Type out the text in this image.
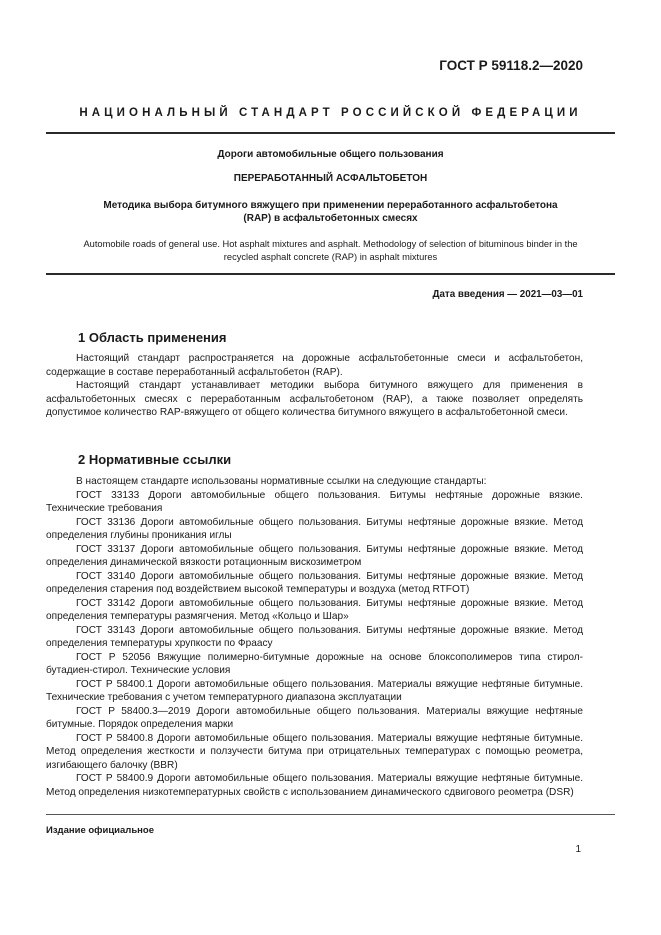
ГОСТ Р 59118.2—2020
НАЦИОНАЛЬНЫЙ СТАНДАРТ РОССИЙСКОЙ ФЕДЕРАЦИИ
Дороги автомобильные общего пользования
ПЕРЕРАБОТАННЫЙ АСФАЛЬТОБЕТОН
Методика выбора битумного вяжущего при применении переработанного асфальтобетона
(RAP) в асфальтобетонных смесях
Automobile roads of general use. Hot asphalt mixtures and asphalt. Methodology of selection of bituminous binder in the
recycled asphalt concrete (RAP) in asphalt mixtures
Дата введения — 2021—03—01
1 Область применения

Настоящий стандарт распространяется на дорожные асфальтобетонные смеси и асфальтобетон, содержащие в составе переработанный асфальтобетон (RAP).

Настоящий стандарт устанавливает методики выбора битумного вяжущего для применения в асфальтобетонных смесях с переработанным асфальтобетоном (RAP), а также позволяет определять допустимое количество RAP-вяжущего от общего количества битумного вяжущего в асфальтобетонной смеси.

2 Нормативные ссылки

В настоящем стандарте использованы нормативные ссылки на следующие стандарты:

ГОСТ 33133 Дороги автомобильные общего пользования. Битумы нефтяные дорожные вязкие. Технические требования

ГОСТ 33136 Дороги автомобильные общего пользования. Битумы нефтяные дорожные вязкие. Метод определения глубины проникания иглы

ГОСТ 33137 Дороги автомобильные общего пользования. Битумы нефтяные дорожные вязкие. Метод определения динамической вязкости ротационным вискозиметром

ГОСТ 33140 Дороги автомобильные общего пользования. Битумы нефтяные дорожные вязкие. Метод определения старения под воздействием высокой температуры и воздуха (метод RTFOT)

ГОСТ 33142 Дороги автомобильные общего пользования. Битумы нефтяные дорожные вязкие. Метод определения температуры размягчения. Метод «Кольцо и Шар»

ГОСТ 33143 Дороги автомобильные общего пользования. Битумы нефтяные дорожные вязкие. Метод определения температуры хрупкости по Фраасу

ГОСТ Р 52056 Вяжущие полимерно-битумные дорожные на основе блоксополимеров типа стирол-бутадиен-стирол. Технические условия

ГОСТ Р 58400.1 Дороги автомобильные общего пользования. Материалы вяжущие нефтяные битумные. Технические требования с учетом температурного диапазона эксплуатации

ГОСТ Р 58400.3—2019 Дороги автомобильные общего пользования. Материалы вяжущие нефтяные битумные. Порядок определения марки

ГОСТ Р 58400.8 Дороги автомобильные общего пользования. Материалы вяжущие нефтяные битумные. Метод определения жесткости и ползучести битума при отрицательных температурах с помощью реометра, изгибающего балочку (BBR)

ГОСТ Р 58400.9 Дороги автомобильные общего пользования. Материалы вяжущие нефтяные битумные. Метод определения низкотемпературных свойств с использованием динамического сдвигового реометра (DSR)

Издание официальное
1
